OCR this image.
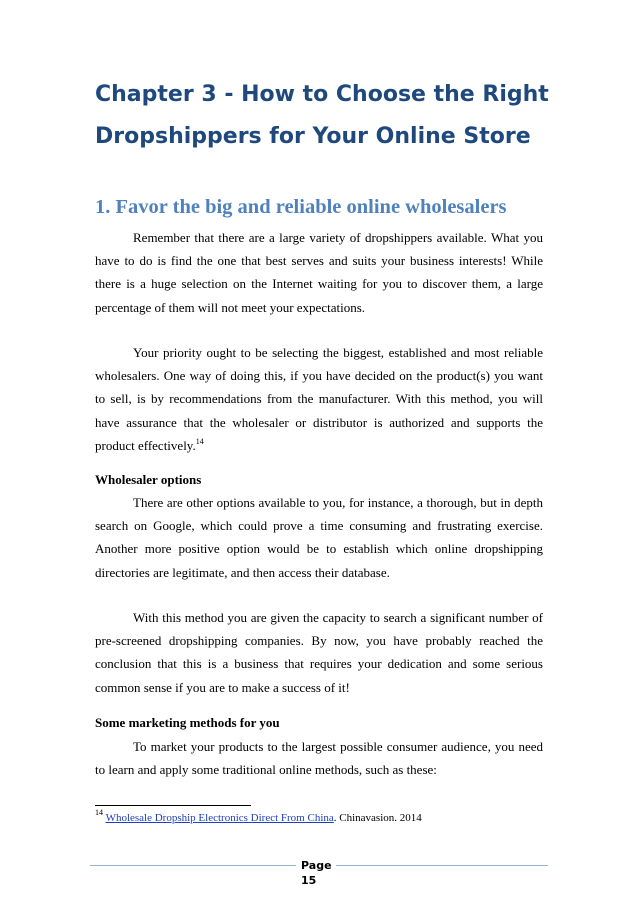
Chapter 3 - How to Choose the Right
Dropshippers for Your Online Store
1. Favor the big and reliable online wholesalers

Remember that there are a large variety of dropshippers available. What you have to do is find the one that best serves and suits your business interests! While there is a huge selection on the Internet waiting for you to discover them, a large percentage of them will not meet your expectations.

Your priority ought to be selecting the biggest, established and most reliable wholesalers. One way of doing this, if you have decided on the product(s) you want to sell, is by recommendations from the manufacturer. With this method, you will have assurance that the wholesaler or distributor is authorized and supports the product effectively.$^{14}$

Wholesaler options

There are other options available to you, for instance, a thorough, but in depth search on Google, which could prove a time consuming and frustrating exercise. Another more positive option would be to establish which online dropshipping directories are legitimate, and then access their database.

With this method you are given the capacity to search a significant number of pre-screened dropshipping companies. By now, you have probably reached the conclusion that this is a business that requires your dedication and some serious common sense if you are to make a success of it!

Some marketing methods for you

To market your products to the largest possible consumer audience, you need to learn and apply some traditional online methods, such as these:

$^{14}$ Wholesale Dropship Electronics Direct From China. Chinavasion. 2014

Page
15
